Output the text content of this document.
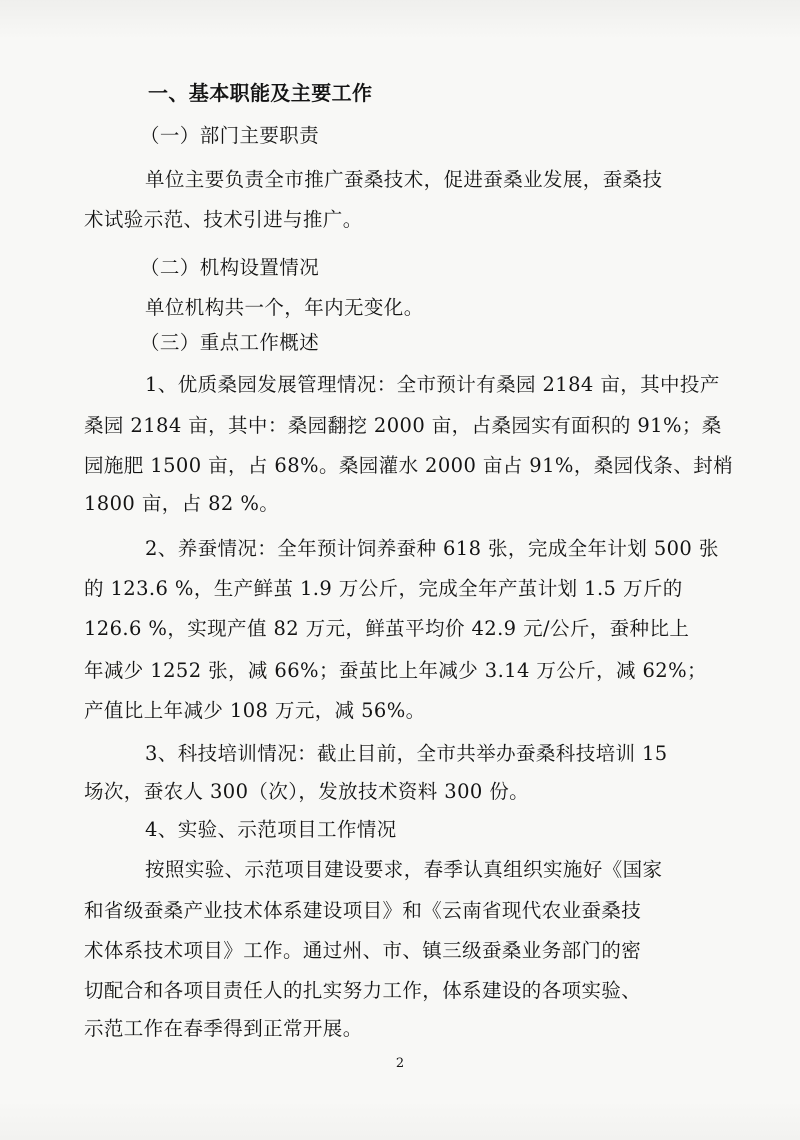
一、基本职能及主要工作
（一）部门主要职责
单位主要负责全市推广蚕桑技术，促进蚕桑业发展，蚕桑技
术试验示范、技术引进与推广。
（二）机构设置情况
单位机构共一个，年内无变化。
（三）重点工作概述
1、优质桑园发展管理情况：全市预计有桑园 2184 亩，其中投产
桑园 2184 亩，其中：桑园翻挖 2000 亩，占桑园实有面积的 91%；桑
园施肥 1500 亩，占 68%。桑园灌水 2000 亩占 91%，桑园伐条、封梢
1800 亩，占 82 %。
2、养蚕情况：全年预计饲养蚕种 618 张，完成全年计划 500 张
的 123.6 %，生产鲜茧 1.9 万公斤，完成全年产茧计划 1.5 万斤的
126.6 %，实现产值 82 万元，鲜茧平均价 42.9 元/公斤，蚕种比上
年减少 1252 张，减 66%；蚕茧比上年减少 3.14 万公斤，减 62%；
产值比上年减少 108 万元，减 56%。
3、科技培训情况：截止目前，全市共举办蚕桑科技培训 15
场次，蚕农人 300（次），发放技术资料 300 份。
4、实验、示范项目工作情况
按照实验、示范项目建设要求，春季认真组织实施好《国家
和省级蚕桑产业技术体系建设项目》和《云南省现代农业蚕桑技
术体系技术项目》工作。通过州、市、镇三级蚕桑业务部门的密
切配合和各项目责任人的扎实努力工作，体系建设的各项实验、
示范工作在春季得到正常开展。
2
